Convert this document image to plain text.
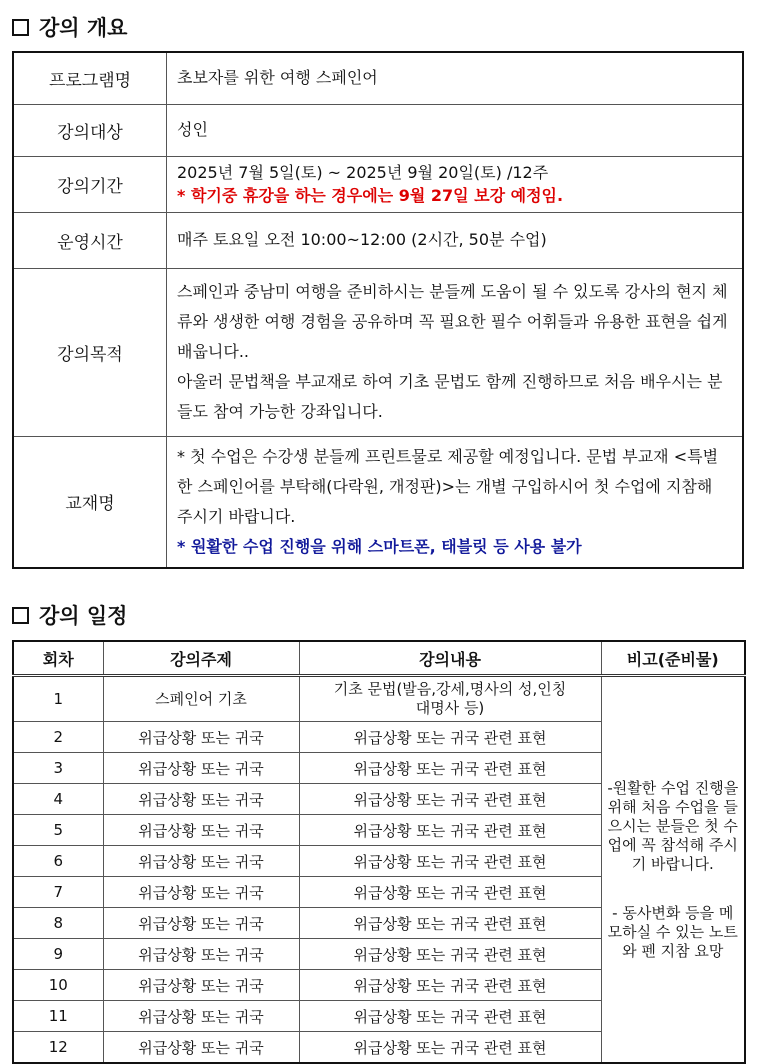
강의 개요
프로그램명	초보자를 위한 여행 스페인어
강의대상	성인
강의기간	2025년 7월 5일(토) ~ 2025년 9월 20일(토) /12주
* 학기중 휴강을 하는 경우에는 9월 27일 보강 예정임.

운영시간	매주 토요일 오전 10:00~12:00 (2시간, 50분 수업)
강의목적	스페인과 중남미 여행을 준비하시는 분들께 도움이 될 수 있도록 강사의 현지 체류와 생생한 여행 경험을 공유하며 꼭 필요한 필수 어휘들과 유용한 표현을 쉽게 배웁니다..
아울러 문법책을 부교재로 하여 기초 문법도 함께 진행하므로 처음 배우시는 분들도 참여 가능한 강좌입니다.

교재명	* 첫 수업은 수강생 분들께 프린트물로 제공할 예정입니다. 문법 부교재 <특별한 스페인어를 부탁해(다락원, 개정판)>는 개별 구입하시어 첫 수업에 지참해 주시기 바랍니다.
* 원활한 수업 진행을 위해 스마트폰, 태블릿 등 사용 불가
강의 일정
회차	강의주제	강의내용	비고(준비물)
1	스페인어 기초	기초 문법(발음,강세,명사의 성,인칭대명사 등)	-원활한 수업 진행을 위해 처음 수업을 들으시는 분들은 첫 수업에 꼭 참석해 주시기 바랍니다.
- 동사변화 등을 메모하실 수 있는 노트와 펜 지참 요망

2	위급상황 또는 귀국	위급상황 또는 귀국 관련 표현	
3	위급상황 또는 귀국	위급상황 또는 귀국 관련 표현	
4	위급상황 또는 귀국	위급상황 또는 귀국 관련 표현	
5	위급상황 또는 귀국	위급상황 또는 귀국 관련 표현	
6	위급상황 또는 귀국	위급상황 또는 귀국 관련 표현	
7	위급상황 또는 귀국	위급상황 또는 귀국 관련 표현	
8	위급상황 또는 귀국	위급상황 또는 귀국 관련 표현	
9	위급상황 또는 귀국	위급상황 또는 귀국 관련 표현	
10	위급상황 또는 귀국	위급상황 또는 귀국 관련 표현	
11	위급상황 또는 귀국	위급상황 또는 귀국 관련 표현	
12	위급상황 또는 귀국	위급상황 또는 귀국 관련 표현	
